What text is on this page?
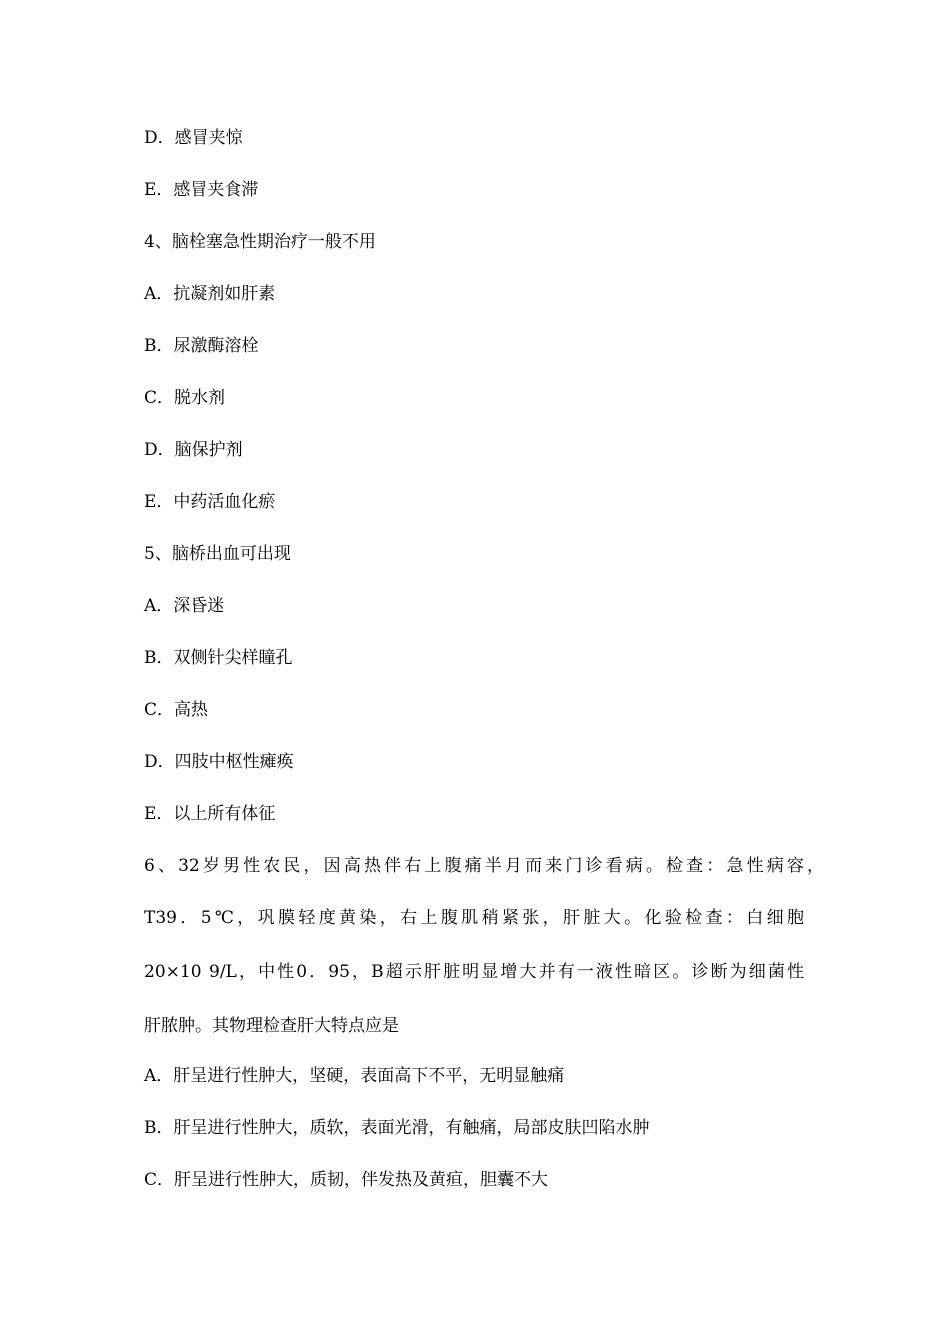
D．感冒夹惊
E．感冒夹食滞
4、脑栓塞急性期治疗一般不用
A．抗凝剂如肝素
B．尿激酶溶栓
C．脱水剂
D．脑保护剂
E．中药活血化瘀
5、脑桥出血可出现
A．深昏迷
B．双侧针尖样瞳孔
C．高热
D．四肢中枢性瘫痪
E．以上所有体征
6、32岁男性农民，因高热伴右上腹痛半月而来门诊看病。检查：急性病容，
T39．5℃，巩膜轻度黄染，右上腹肌稍紧张，肝脏大。化验检查：白细胞
20×10 9/L，中性0．95，B超示肝脏明显增大并有一液性暗区。诊断为细菌性
肝脓肿。其物理检查肝大特点应是
A．肝呈进行性肿大，坚硬，表面高下不平，无明显触痛
B．肝呈进行性肿大，质软，表面光滑，有触痛，局部皮肤凹陷水肿
C．肝呈进行性肿大，质韧，伴发热及黄疸，胆囊不大
